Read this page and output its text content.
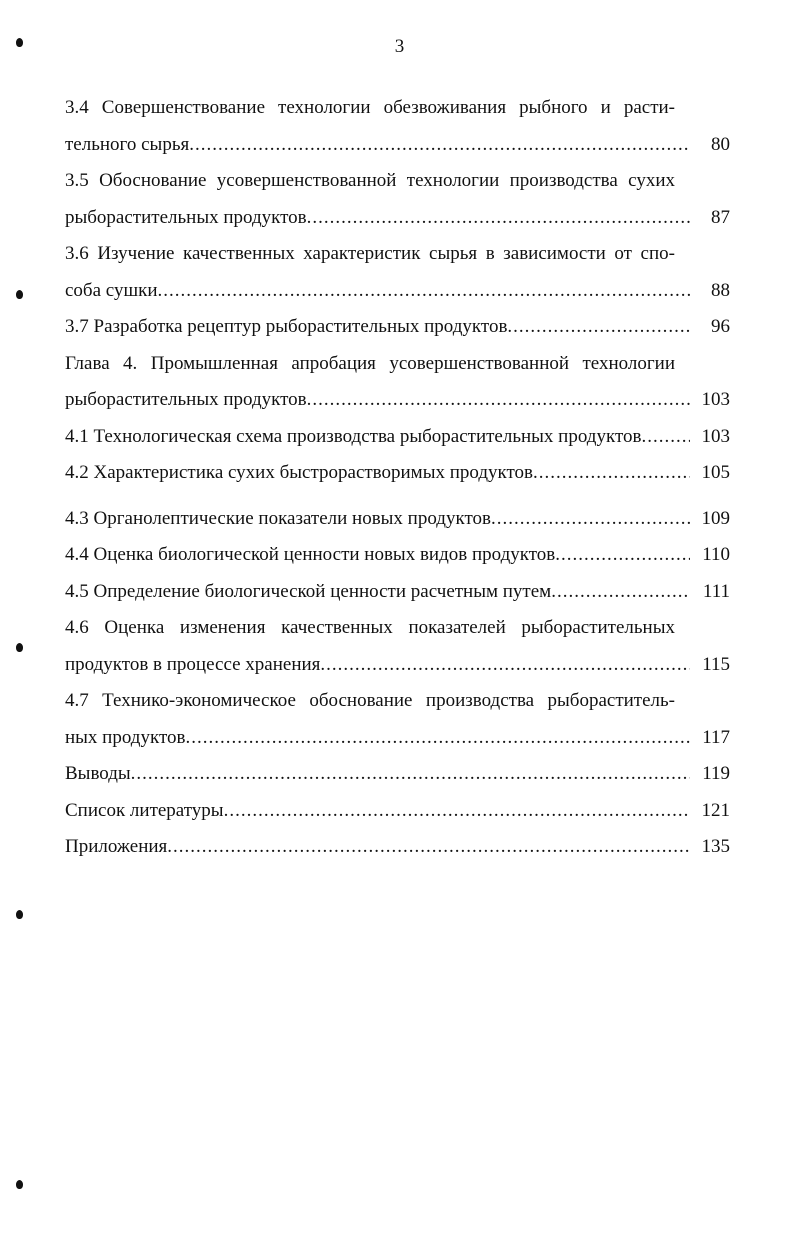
3
3.4 Совершенствование технологии обезвоживания рыбного и расти-
тельного сырья .....	80
3.5 Обоснование усовершенствованной технологии производства сухих
рыборастительных продуктов .....	87
3.6 Изучение качественных характеристик сырья в зависимости от спо-
соба сушки .....	88
3.7 Разработка рецептур рыборастительных продуктов .....	96
Глава 4. Промышленная апробация усовершенствованной технологии
рыборастительных продуктов .....	103
4.1 Технологическая схема производства рыборастительных продуктов .....	103
4.2 Характеристика сухих быстрорастворимых продуктов .....	105
4.3 Органолептические показатели новых продуктов .....	109
4.4 Оценка биологической ценности новых видов продуктов .....	110
4.5 Определение биологической ценности расчетным путем .....	111
4.6 Оценка изменения качественных показателей рыборастительных
продуктов в процессе хранения .....	115
4.7 Технико-экономическое обоснование производства рыбораститель-
ных продуктов .....	117
Выводы .....	119
Список литературы .....	121
Приложения .....	135
